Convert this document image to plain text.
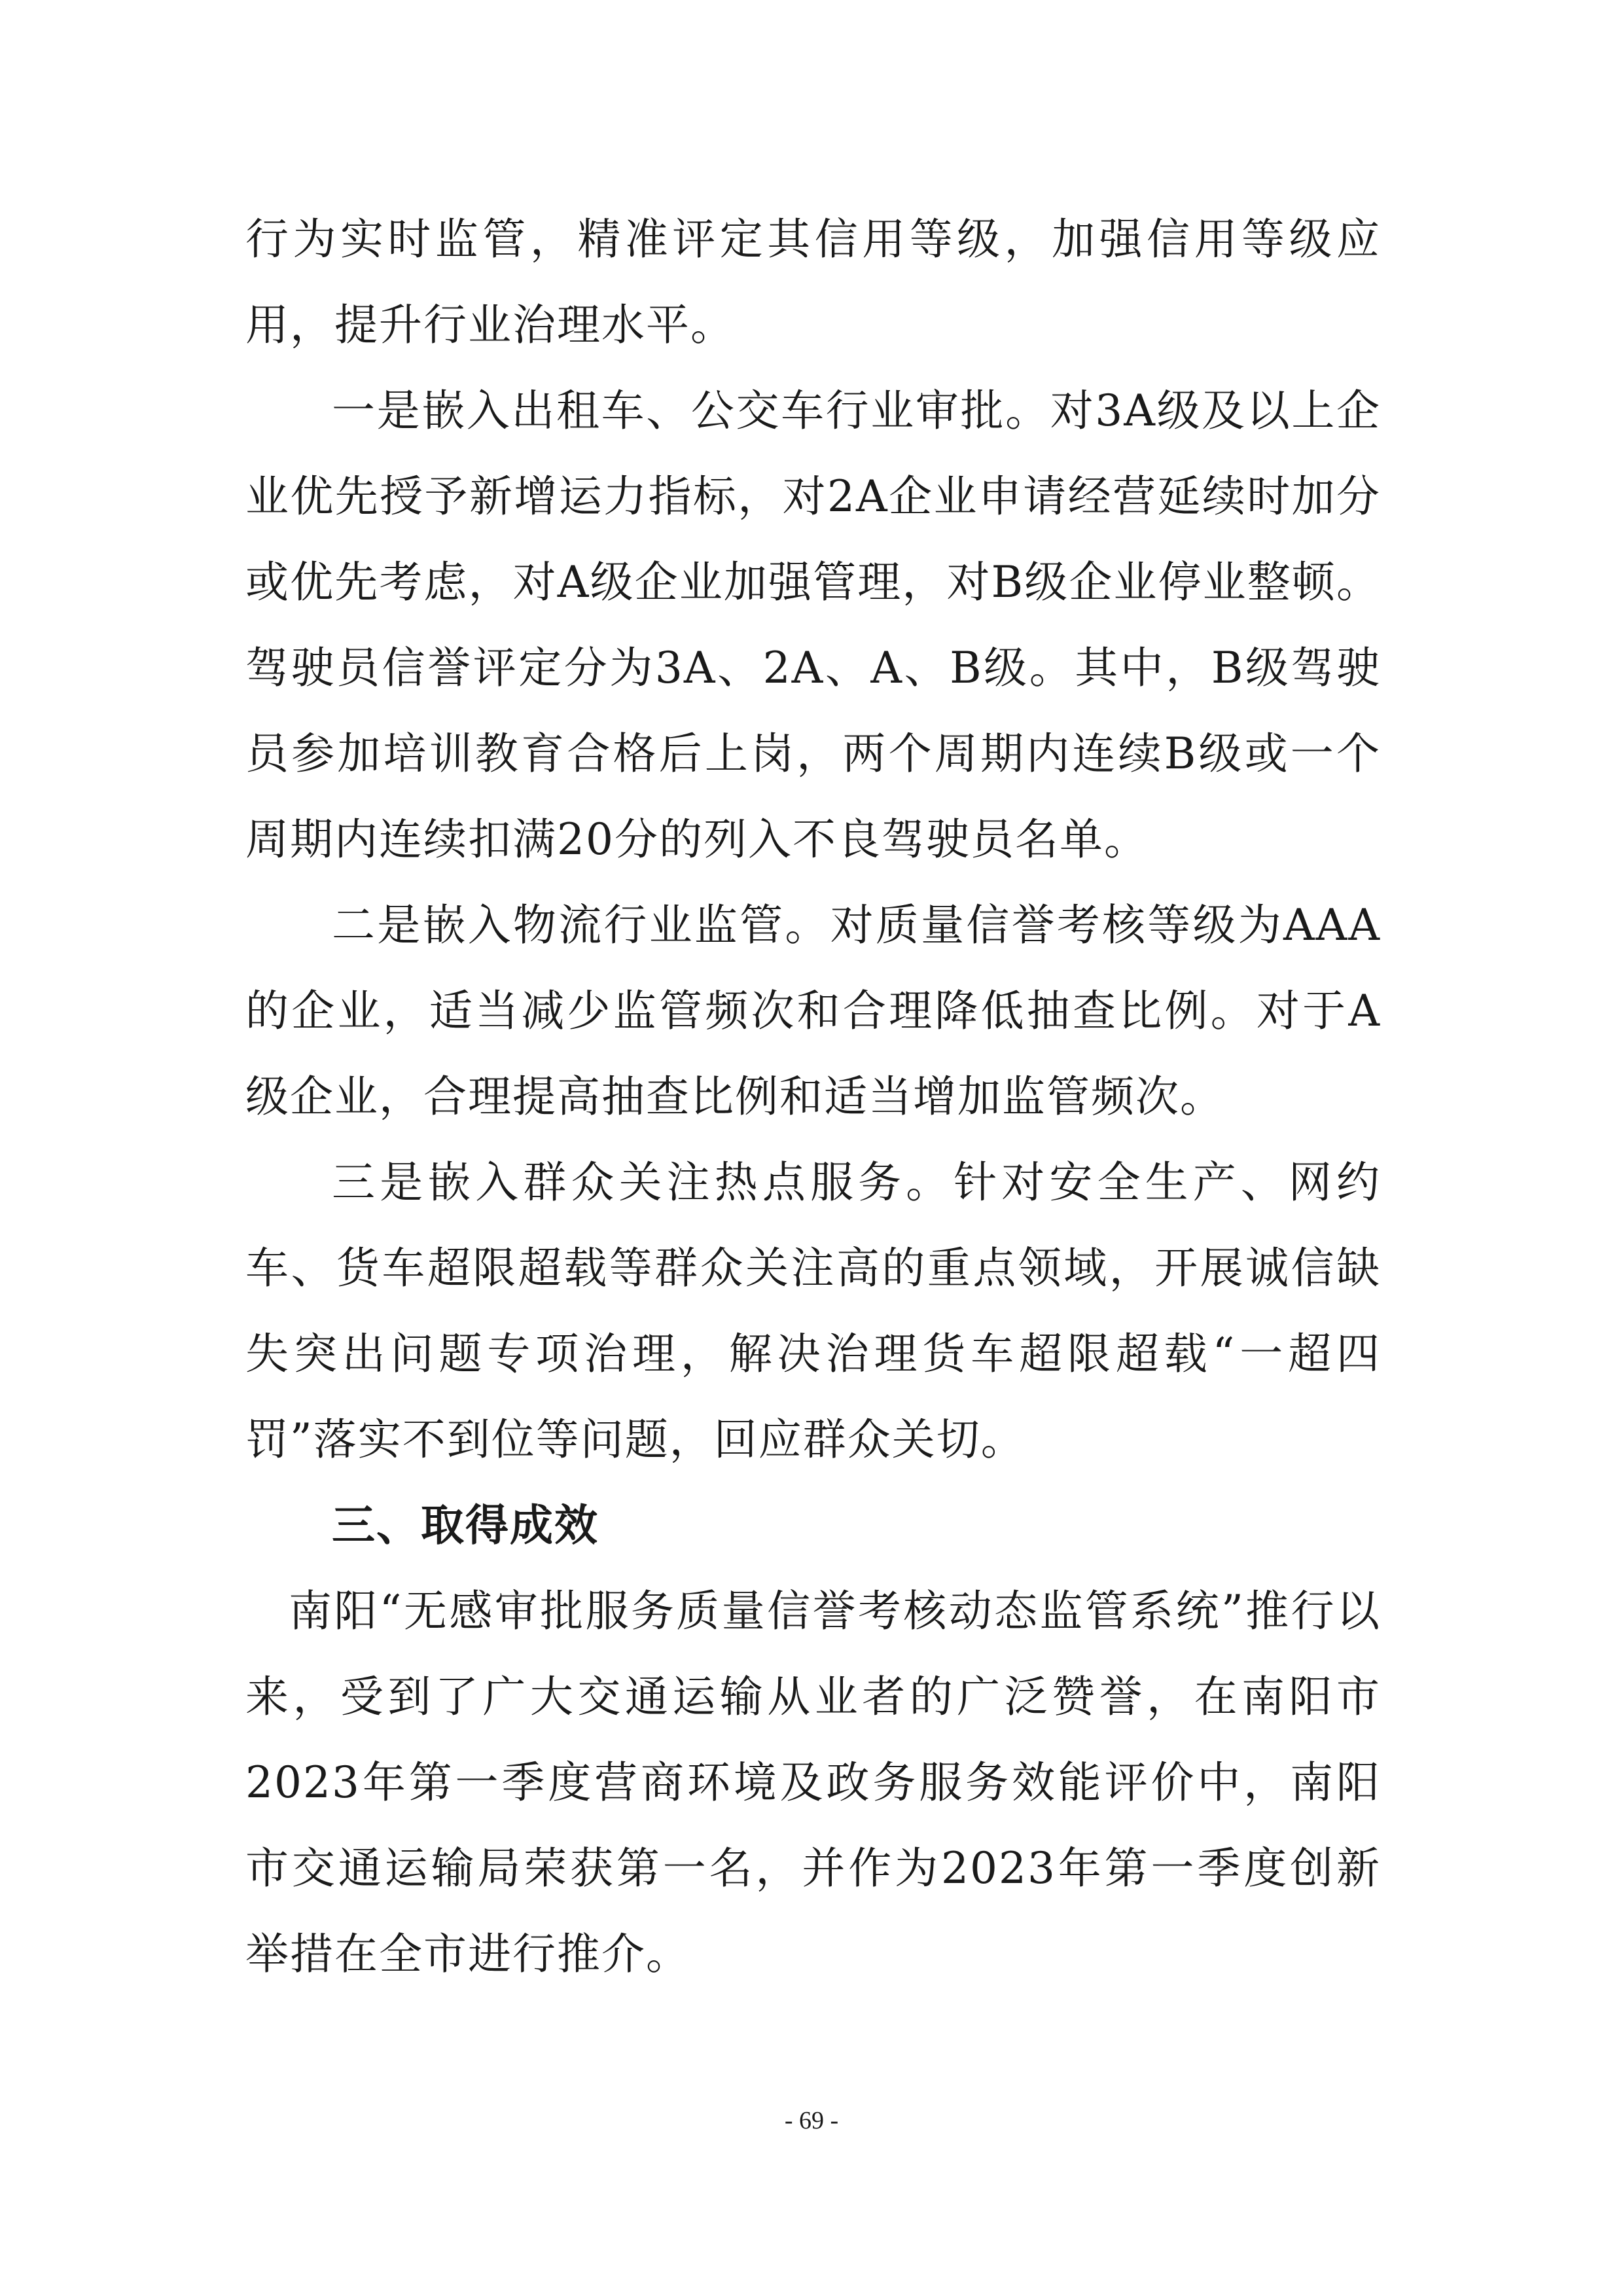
行为实时监管，精准评定其信用等级，加强信用等级应用，提升行业治理水平。

一是嵌入出租车、公交车行业审批。对3A级及以上企业优先授予新增运力指标，对2A企业申请经营延续时加分或优先考虑，对A级企业加强管理，对B级企业停业整顿。驾驶员信誉评定分为3A、2A、A、B级。其中，B级驾驶员参加培训教育合格后上岗，两个周期内连续B级或一个周期内连续扣满20分的列入不良驾驶员名单。

二是嵌入物流行业监管。对质量信誉考核等级为AAA的企业，适当减少监管频次和合理降低抽查比例。对于A级企业，合理提高抽查比例和适当增加监管频次。

三是嵌入群众关注热点服务。针对安全生产、网约车、货车超限超载等群众关注高的重点领域，开展诚信缺失突出问题专项治理，解决治理货车超限超载“一超四罚”落实不到位等问题，回应群众关切。

三、取得成效

南阳“无感审批服务质量信誉考核动态监管系统”推行以来，受到了广大交通运输从业者的广泛赞誉，在南阳市2023年第一季度营商环境及政务服务效能评价中，南阳市交通运输局荣获第一名，并作为2023年第一季度创新举措在全市进行推介。

- 69 -
